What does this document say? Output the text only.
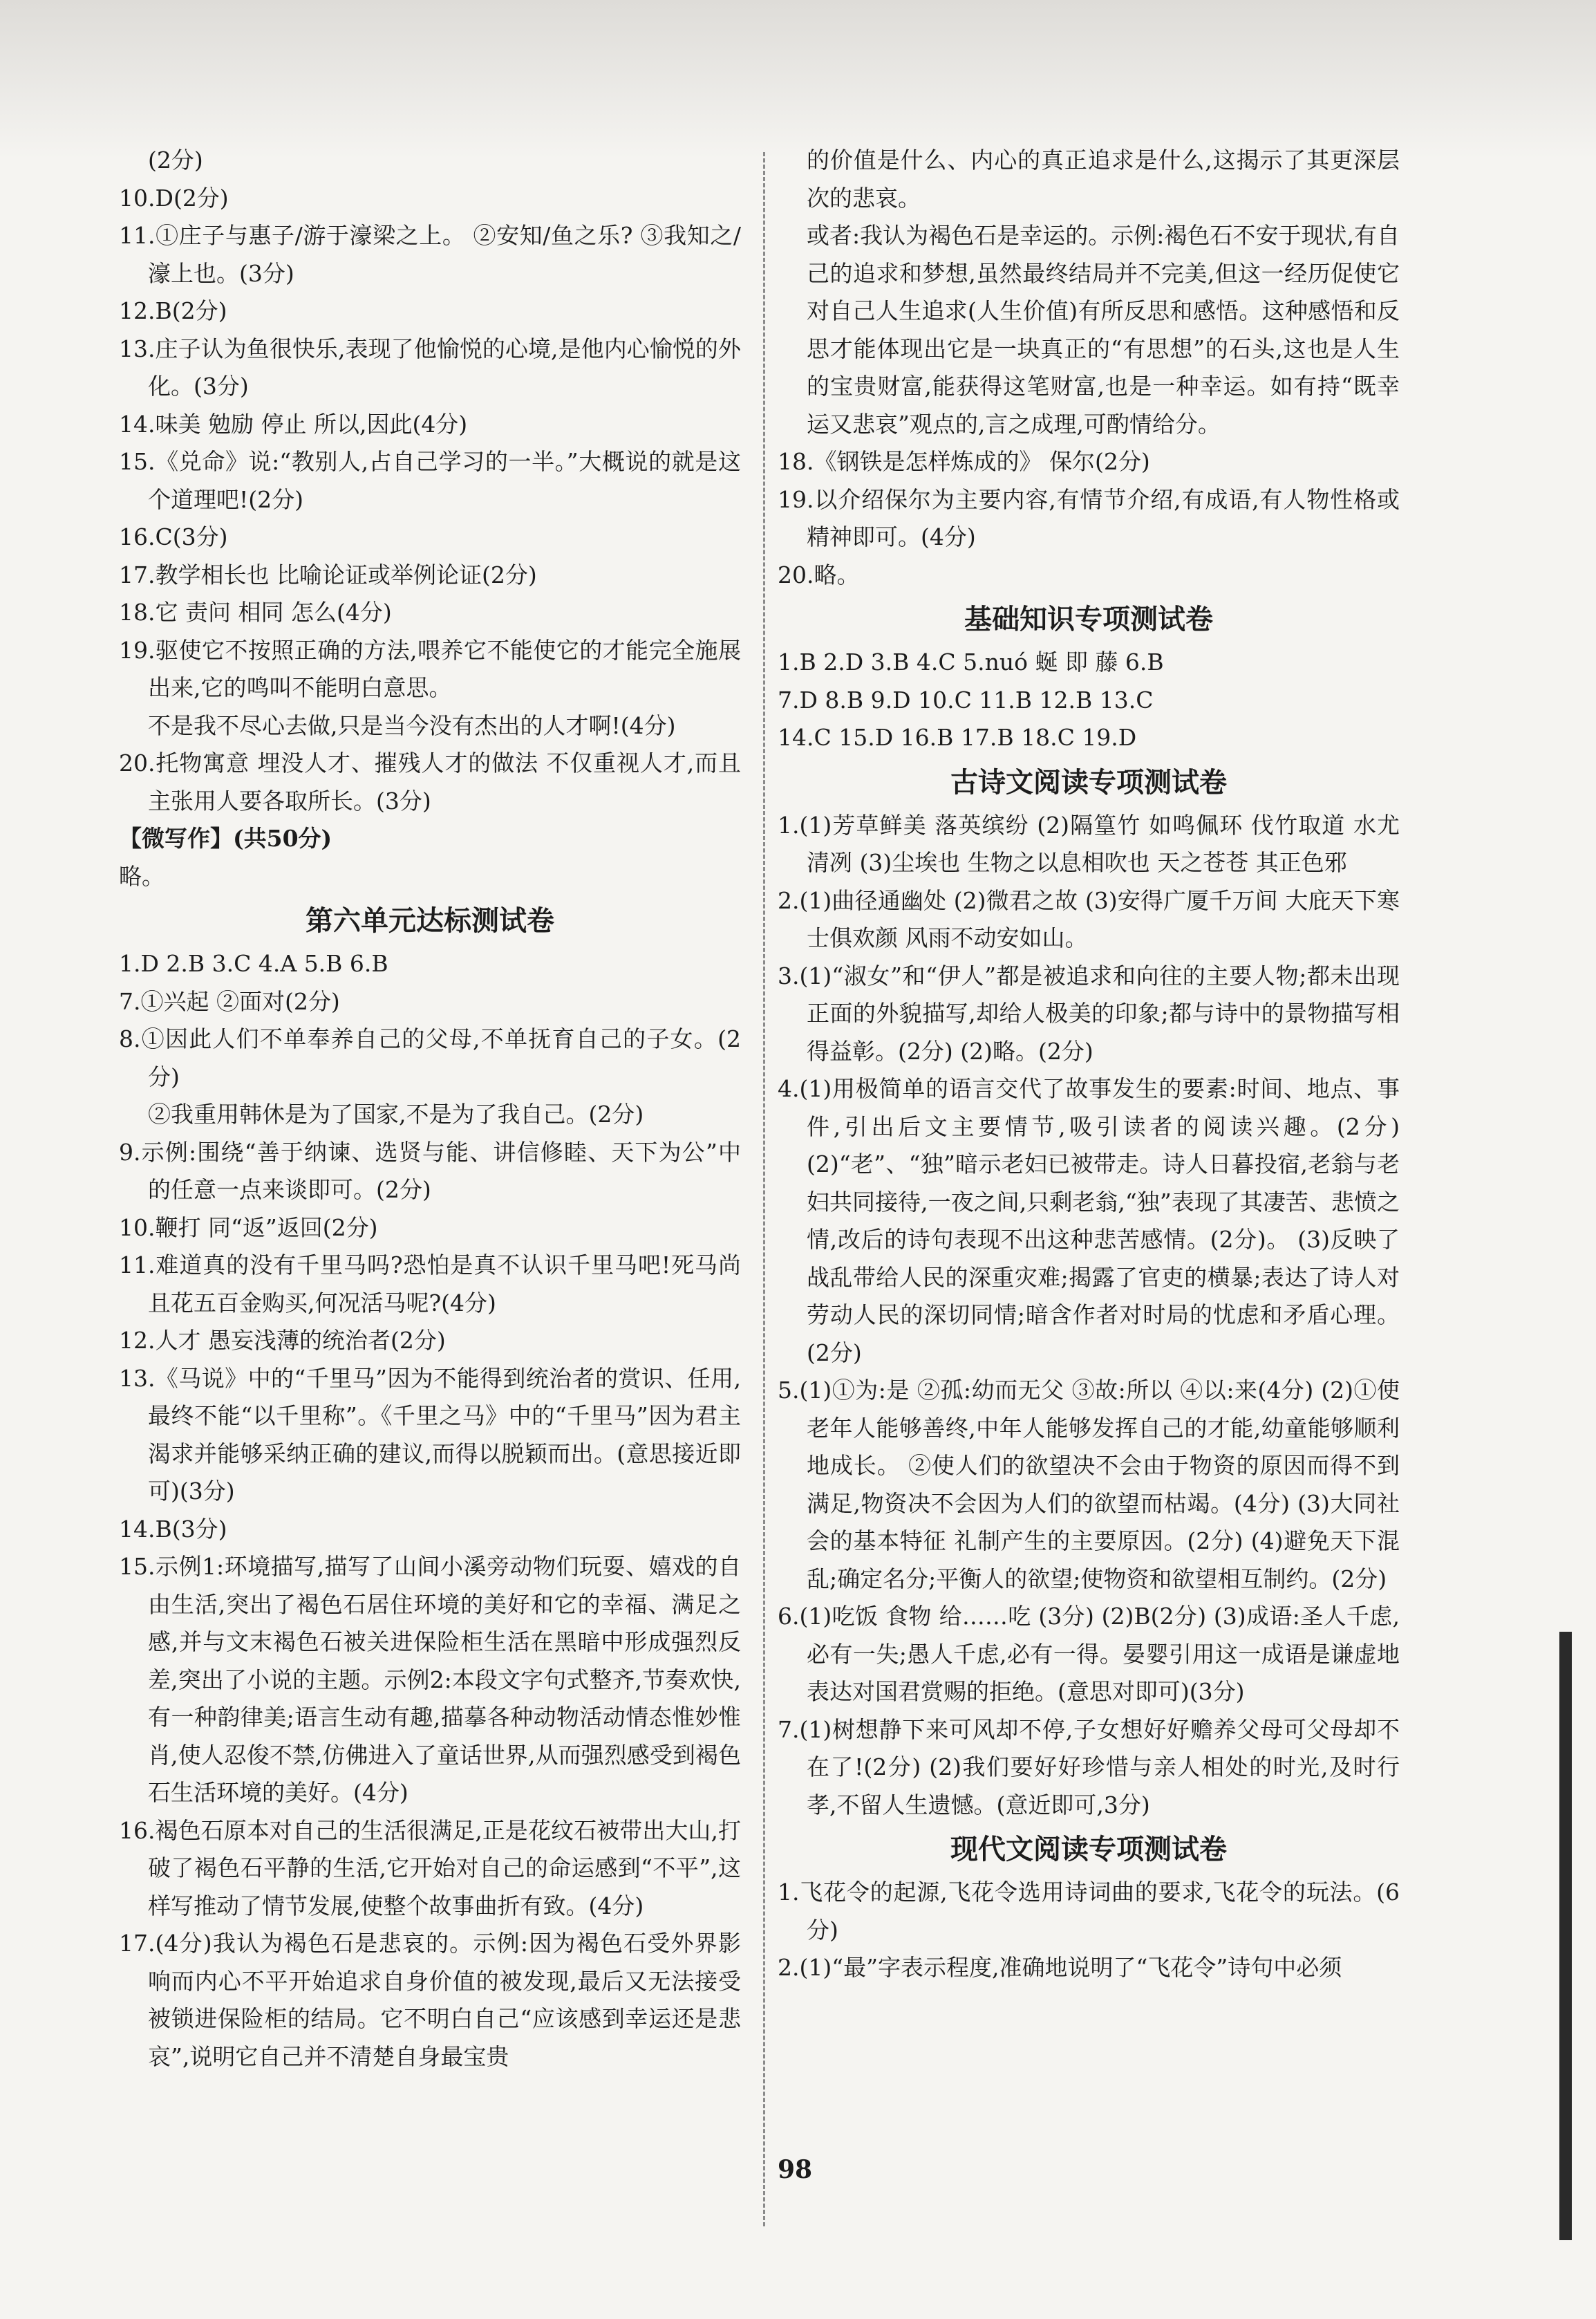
(2分)

10.D(2分)

11.①庄子与惠子/游于濠梁之上。 ②安知/鱼之乐? ③我知之/濠上也。(3分)

12.B(2分)

13.庄子认为鱼很快乐,表现了他愉悦的心境,是他内心愉悦的外化。(3分)

14.味美 勉励 停止 所以,因此(4分)

15.《兑命》说:“教别人,占自己学习的一半。”大概说的就是这个道理吧!(2分)

16.C(3分)

17.教学相长也 比喻论证或举例论证(2分)

18.它 责问 相同 怎么(4分)

19.驱使它不按照正确的方法,喂养它不能使它的才能完全施展出来,它的鸣叫不能明白意思。

不是我不尽心去做,只是当今没有杰出的人才啊!(4分)

20.托物寓意 埋没人才、摧残人才的做法 不仅重视人才,而且主张用人要各取所长。(3分)

【微写作】(共50分)

略。

第六单元达标测试卷

1.D 2.B 3.C 4.A 5.B 6.B

7.①兴起 ②面对(2分)

8.①因此人们不单奉养自己的父母,不单抚育自己的子女。(2分)

②我重用韩休是为了国家,不是为了我自己。(2分)

9.示例:围绕“善于纳谏、选贤与能、讲信修睦、天下为公”中的任意一点来谈即可。(2分)

10.鞭打 同“返”返回(2分)

11.难道真的没有千里马吗?恐怕是真不认识千里马吧!死马尚且花五百金购买,何况活马呢?(4分)

12.人才 愚妄浅薄的统治者(2分)

13.《马说》中的“千里马”因为不能得到统治者的赏识、任用,最终不能“以千里称”。《千里之马》中的“千里马”因为君主渴求并能够采纳正确的建议,而得以脱颖而出。(意思接近即可)(3分)

14.B(3分)

15.示例1:环境描写,描写了山间小溪旁动物们玩耍、嬉戏的自由生活,突出了褐色石居住环境的美好和它的幸福、满足之感,并与文末褐色石被关进保险柜生活在黑暗中形成强烈反差,突出了小说的主题。示例2:本段文字句式整齐,节奏欢快,有一种韵律美;语言生动有趣,描摹各种动物活动情态惟妙惟肖,使人忍俊不禁,仿佛进入了童话世界,从而强烈感受到褐色石生活环境的美好。(4分)

16.褐色石原本对自己的生活很满足,正是花纹石被带出大山,打破了褐色石平静的生活,它开始对自己的命运感到“不平”,这样写推动了情节发展,使整个故事曲折有致。(4分)

17.(4分)我认为褐色石是悲哀的。示例:因为褐色石受外界影响而内心不平开始追求自身价值的被发现,最后又无法接受被锁进保险柜的结局。它不明白自己“应该感到幸运还是悲哀”,说明它自己并不清楚自身最宝贵

的价值是什么、内心的真正追求是什么,这揭示了其更深层次的悲哀。

或者:我认为褐色石是幸运的。示例:褐色石不安于现状,有自己的追求和梦想,虽然最终结局并不完美,但这一经历促使它对自己人生追求(人生价值)有所反思和感悟。这种感悟和反思才能体现出它是一块真正的“有思想”的石头,这也是人生的宝贵财富,能获得这笔财富,也是一种幸运。如有持“既幸运又悲哀”观点的,言之成理,可酌情给分。

18.《钢铁是怎样炼成的》 保尔(2分)

19.以介绍保尔为主要内容,有情节介绍,有成语,有人物性格或精神即可。(4分)

20.略。

基础知识专项测试卷

1.B 2.D 3.B 4.C 5.nuó 蜒 即 藤 6.B

7.D 8.B 9.D 10.C 11.B 12.B 13.C

14.C 15.D 16.B 17.B 18.C 19.D

古诗文阅读专项测试卷

1.(1)芳草鲜美 落英缤纷 (2)隔篁竹 如鸣佩环 伐竹取道 水尤清冽 (3)尘埃也 生物之以息相吹也 天之苍苍 其正色邪

2.(1)曲径通幽处 (2)微君之故 (3)安得广厦千万间 大庇天下寒士俱欢颜 风雨不动安如山。

3.(1)“淑女”和“伊人”都是被追求和向往的主要人物;都未出现正面的外貌描写,却给人极美的印象;都与诗中的景物描写相得益彰。(2分) (2)略。(2分)

4.(1)用极简单的语言交代了故事发生的要素:时间、地点、事件,引出后文主要情节,吸引读者的阅读兴趣。(2分) (2)“老”、“独”暗示老妇已被带走。诗人日暮投宿,老翁与老妇共同接待,一夜之间,只剩老翁,“独”表现了其凄苦、悲愤之情,改后的诗句表现不出这种悲苦感情。(2分)。 (3)反映了战乱带给人民的深重灾难;揭露了官吏的横暴;表达了诗人对劳动人民的深切同情;暗含作者对时局的忧虑和矛盾心理。(2分)

5.(1)①为:是 ②孤:幼而无父 ③故:所以 ④以:来(4分) (2)①使老年人能够善终,中年人能够发挥自己的才能,幼童能够顺利地成长。 ②使人们的欲望决不会由于物资的原因而得不到满足,物资决不会因为人们的欲望而枯竭。(4分) (3)大同社会的基本特征 礼制产生的主要原因。(2分) (4)避免天下混乱;确定名分;平衡人的欲望;使物资和欲望相互制约。(2分)

6.(1)吃饭 食物 给……吃 (3分) (2)B(2分) (3)成语:圣人千虑,必有一失;愚人千虑,必有一得。晏婴引用这一成语是谦虚地表达对国君赏赐的拒绝。(意思对即可)(3分)

7.(1)树想静下来可风却不停,子女想好好赡养父母可父母却不在了!(2分) (2)我们要好好珍惜与亲人相处的时光,及时行孝,不留人生遗憾。(意近即可,3分)

现代文阅读专项测试卷

1.飞花令的起源,飞花令选用诗词曲的要求,飞花令的玩法。(6分)

2.(1)“最”字表示程度,准确地说明了“飞花令”诗句中必须

98
